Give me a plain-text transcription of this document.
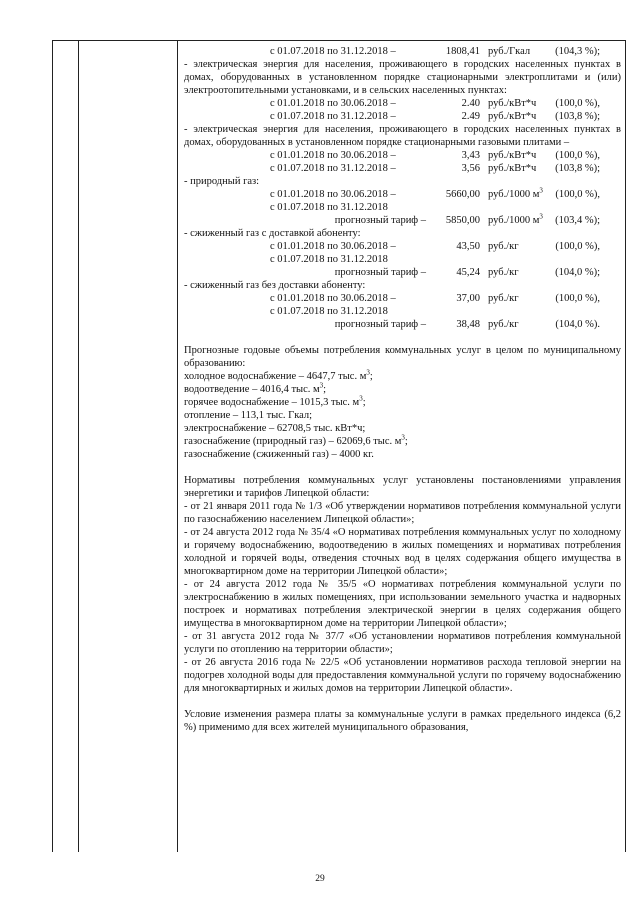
с 01.07.2018 по 31.12.2018 –	1808,41 руб./Гкал	(104,3 %);

- электрическая энергия для населения, проживающего в городских населенных пунктах в домах, оборудованных в установленном порядке стационарными электроплитами и (или) электроотопительными установками, и в сельских населенных пунктах:

с 01.01.2018 по 30.06.2018 –	2.40 руб./кВт*ч	(100,0 %),
с 01.07.2018 по 31.12.2018 –	2.49 руб./кВт*ч	(103,8 %);

- электрическая энергия для населения, проживающего в городских населенных пунктах в домах, оборудованных в установленном порядке стационарными газовыми плитами –

с 01.01.2018 по 30.06.2018 –	3,43 руб./кВт*ч	(100,0 %),
с 01.07.2018 по 31.12.2018 –	3,56 руб./кВт*ч	(103,8 %);

- природный газ:

с 01.01.2018 по 30.06.2018 –	5660,00 руб./1000 $м^3$	(100,0 %),
с 01.07.2018 по 31.12.2018
прогнозный тариф –	5850,00 руб./1000 $м^3$	(103,4 %);

- сжиженный газ с доставкой абоненту:

с 01.01.2018 по 30.06.2018 –	43,50 руб./кг	(100,0 %),
с 01.07.2018 по 31.12.2018
прогнозный тариф –	45,24 руб./кг	(104,0 %);

- сжиженный газ без доставки абоненту:

с 01.01.2018 по 30.06.2018 –	37,00 руб./кг	(100,0 %),
с 01.07.2018 по 31.12.2018
прогнозный тариф –	38,48 руб./кг	(104,0 %).

Прогнозные годовые объемы потребления коммунальных услуг в целом по муниципальному образованию:

холодное водоснабжение – 4647,7 тыс. $м^3$;

водоотведение – 4016,4 тыс. $м^3$;

горячее водоснабжение – 1015,3 тыс. $м^3$;

отопление – 113,1 тыс. Гкал;

электроснабжение – 62708,5 тыс. кВт*ч;

газоснабжение (природный газ) – 62069,6 тыс. $м^3$;

газоснабжение (сжиженный газ) – 4000 кг.

Нормативы потребления коммунальных услуг установлены постановлениями управления энергетики и тарифов Липецкой области:

- от 21 января 2011 года № 1/3 «Об утверждении нормативов потребления коммунальной услуги по газоснабжению населением Липецкой области»;

- от 24 августа 2012 года № 35/4 «О нормативах потребления коммунальных услуг по холодному и горячему водоснабжению, водоотведению в жилых помещениях и нормативах потребления холодной и горячей воды, отведения сточных вод в целях содержания общего имущества в многоквартирном доме на территории Липецкой области»;

- от 24 августа 2012 года № 35/5 «О нормативах потребления коммунальной услуги по электроснабжению в жилых помещениях, при использовании земельного участка и надворных построек и нормативах потребления электрической энергии в целях содержания общего имущества в многоквартирном доме на территории Липецкой области»;

- от 31 августа 2012 года № 37/7 «Об установлении нормативов потребления коммунальной услуги по отоплению на территории области»;

- от 26 августа 2016 года № 22/5 «Об установлении нормативов расхода тепловой энергии на подогрев холодной воды для предоставления коммунальной услуги по горячему водоснабжению для многоквартирных и жилых домов на территории Липецкой области».

Условие изменения размера платы за коммунальные услуги в рамках предельного индекса (6,2 %) применимо для всех жителей муниципального образования,

29
